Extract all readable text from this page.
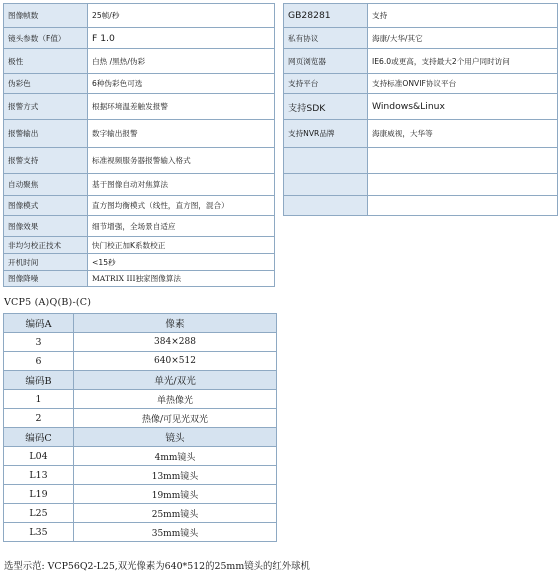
图像帧数	25帧/秒
镜头参数（F值）	F 1.0
极性	白热 /黑热/伪彩
伪彩色	6种伪彩色可选
报警方式	根据环境温差触发报警
报警输出	数字输出报警
报警支持	标准视频服务器报警输入格式
自动聚焦	基于图像自动对焦算法
图像模式	直方图均衡模式（线性，直方图，混合）
图像效果	细节增强，全场景自适应
非均匀校正技术	快门校正加K系数校正
开机时间	<15秒
图像降噪	MATRIX III独家图像算法
GB28281	支持
私有协议	海康/大华/其它
网页浏览器	IE6.0或更高，支持最大2个用户同时访问
支持平台	支持标准ONVIF协议平台
支持SDK	Windows&Linux
支持NVR品牌	海康威视，大华等

VCP5 (A)Q(B)-(C)
编码A	像素
3	384×288
6	640×512
编码B	单光/双光
1	单热像光
2	热像/可见光双光
编码C	镜头
L04	4mm镜头
L13	13mm镜头
L19	19mm镜头
L25	25mm镜头
L35	35mm镜头
选型示范: VCP56Q2-L25,双光像素为640*512的25mm镜头的红外球机
